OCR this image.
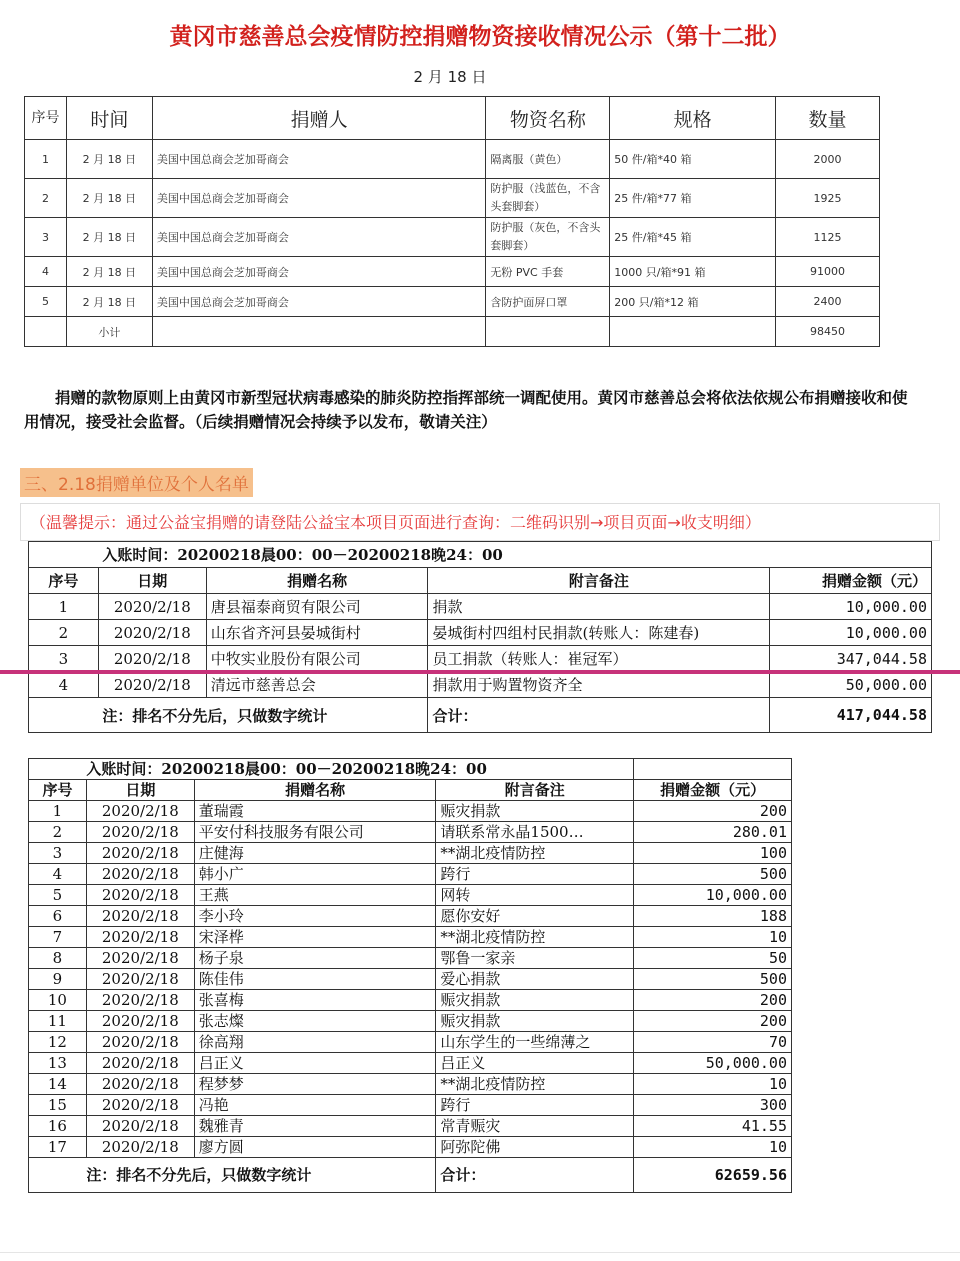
黄冈市慈善总会疫情防控捐赠物资接收情况公示（第十二批）
2 月 18 日
序号	时间	捐赠人	物资名称	规格	数量
1	2 月 18 日	美国中国总商会芝加哥商会	隔离服（黄色）	50 件/箱*40 箱	2000
2	2 月 18 日	美国中国总商会芝加哥商会	防护服（浅蓝色，不含头套脚套）	25 件/箱*77 箱	1925
3	2 月 18 日	美国中国总商会芝加哥商会	防护服（灰色，不含头套脚套）	25 件/箱*45 箱	1125
4	2 月 18 日	美国中国总商会芝加哥商会	无粉 PVC 手套	1000 只/箱*91 箱	91000
5	2 月 18 日	美国中国总商会芝加哥商会	含防护面屏口罩	200 只/箱*12 箱	2400
	小计				98450
捐赠的款物原则上由黄冈市新型冠状病毒感染的肺炎防控指挥部统一调配使用。黄冈市慈善总会将依法依规公布捐赠接收和使用情况，接受社会监督。（后续捐赠情况会持续予以发布，敬请关注）
三、2.18捐赠单位及个人名单
（温馨提示：通过公益宝捐赠的请登陆公益宝本项目页面进行查询：二维码识别→项目页面→收支明细）
	入账时间：20200218晨00：00－20200218晚24：00			
序号	日期	捐赠名称	附言备注	捐赠金额（元）
1	2020/2/18	唐县福泰商贸有限公司	捐款	10,000.00
2	2020/2/18	山东省齐河县晏城街村	晏城街村四组村民捐款(转账人：陈建春)	10,000.00
3	2020/2/18	中牧实业股份有限公司	员工捐款（转账人：崔冠军）	347,044.58
4	2020/2/18	清远市慈善总会	捐款用于购置物资齐全	50,000.00
	注：排名不分先后，只做数字统计		合计：	417,044.58
	入账时间：20200218晨00：00－20200218晚24：00			
序号	日期	捐赠名称	附言备注	捐赠金额（元）
1	2020/2/18	董瑞霞	赈灾捐款	200
2	2020/2/18	平安付科技服务有限公司	请联系常永晶1500…	280.01
3	2020/2/18	庄健海	**湖北疫情防控	100
4	2020/2/18	韩小广	跨行	500
5	2020/2/18	王燕	网转	10,000.00
6	2020/2/18	李小玲	愿你安好	188
7	2020/2/18	宋泽桦	**湖北疫情防控	10
8	2020/2/18	杨子泉	鄂鲁一家亲	50
9	2020/2/18	陈佳伟	爱心捐款	500
10	2020/2/18	张喜梅	赈灾捐款	200
11	2020/2/18	张志燦	赈灾捐款	200
12	2020/2/18	徐高翔	山东学生的一些绵薄之	70
13	2020/2/18	吕正义	吕正义	50,000.00
14	2020/2/18	程梦梦	**湖北疫情防控	10
15	2020/2/18	冯艳	跨行	300
16	2020/2/18	魏雅青	常青赈灾	41.55
17	2020/2/18	廖方圆	阿弥陀佛	10
	注：排名不分先后，只做数字统计		合计：	62659.56
